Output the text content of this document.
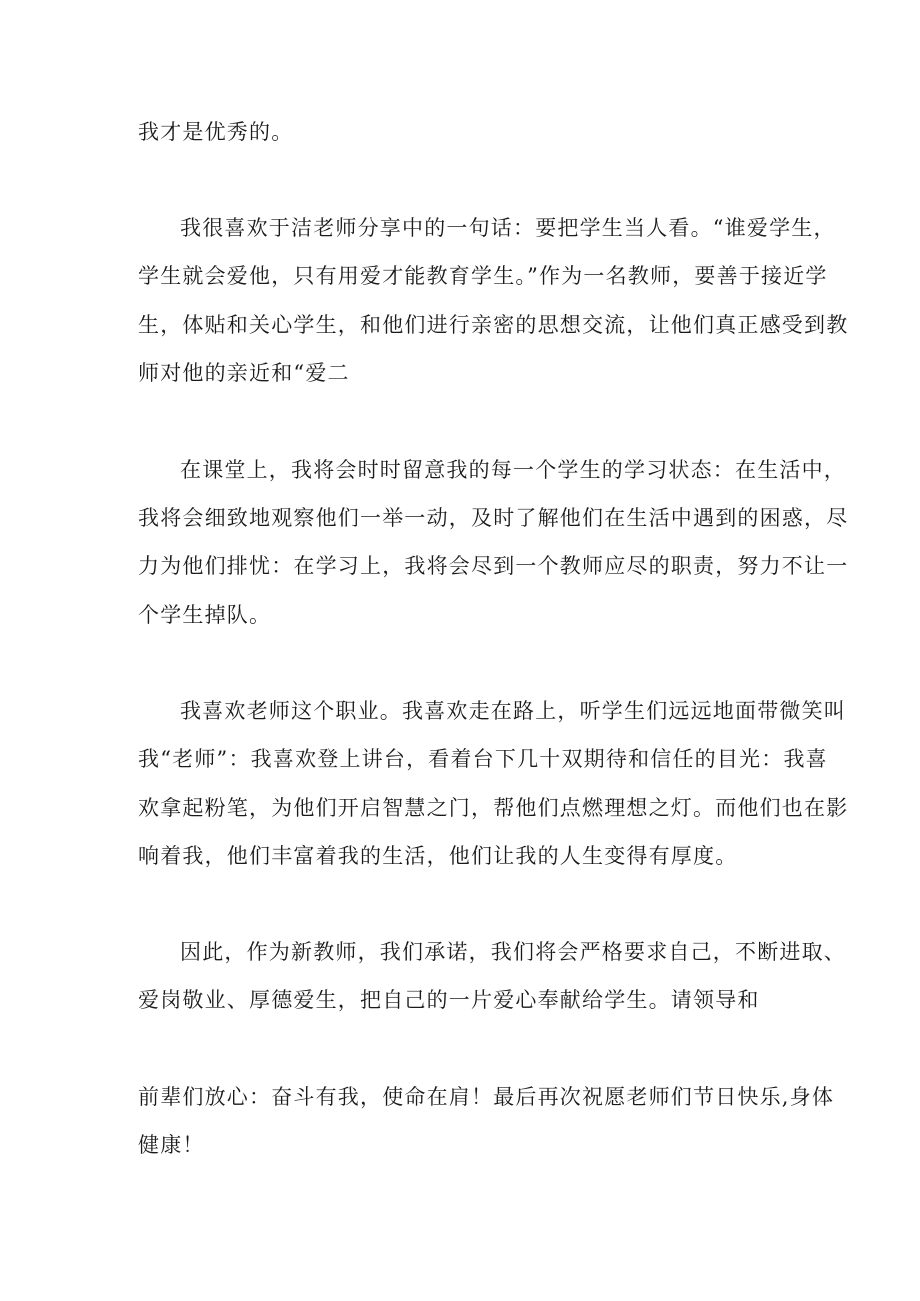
我才是优秀的。
我很喜欢于洁老师分享中的一句话：要把学生当人看。“谁爱学生，
学生就会爱他，只有用爱才能教育学生。”作为一名教师，要善于接近学
生，体贴和关心学生，和他们进行亲密的思想交流，让他们真正感受到教
师对他的亲近和“爱二
在课堂上，我将会时时留意我的每一个学生的学习状态：在生活中，
我将会细致地观察他们一举一动，及时了解他们在生活中遇到的困惑，尽
力为他们排忧：在学习上，我将会尽到一个教师应尽的职责，努力不让一
个学生掉队。
我喜欢老师这个职业。我喜欢走在路上，听学生们远远地面带微笑叫
我“老师”：我喜欢登上讲台，看着台下几十双期待和信任的目光：我喜
欢拿起粉笔，为他们开启智慧之门，帮他们点燃理想之灯。而他们也在影
响着我，他们丰富着我的生活，他们让我的人生变得有厚度。
因此，作为新教师，我们承诺，我们将会严格要求自己，不断进取、
爱岗敬业、厚德爱生，把自己的一片爱心奉献给学生。请领导和
前辈们放心：奋斗有我，使命在肩！最后再次祝愿老师们节日快乐,身体
健康！
